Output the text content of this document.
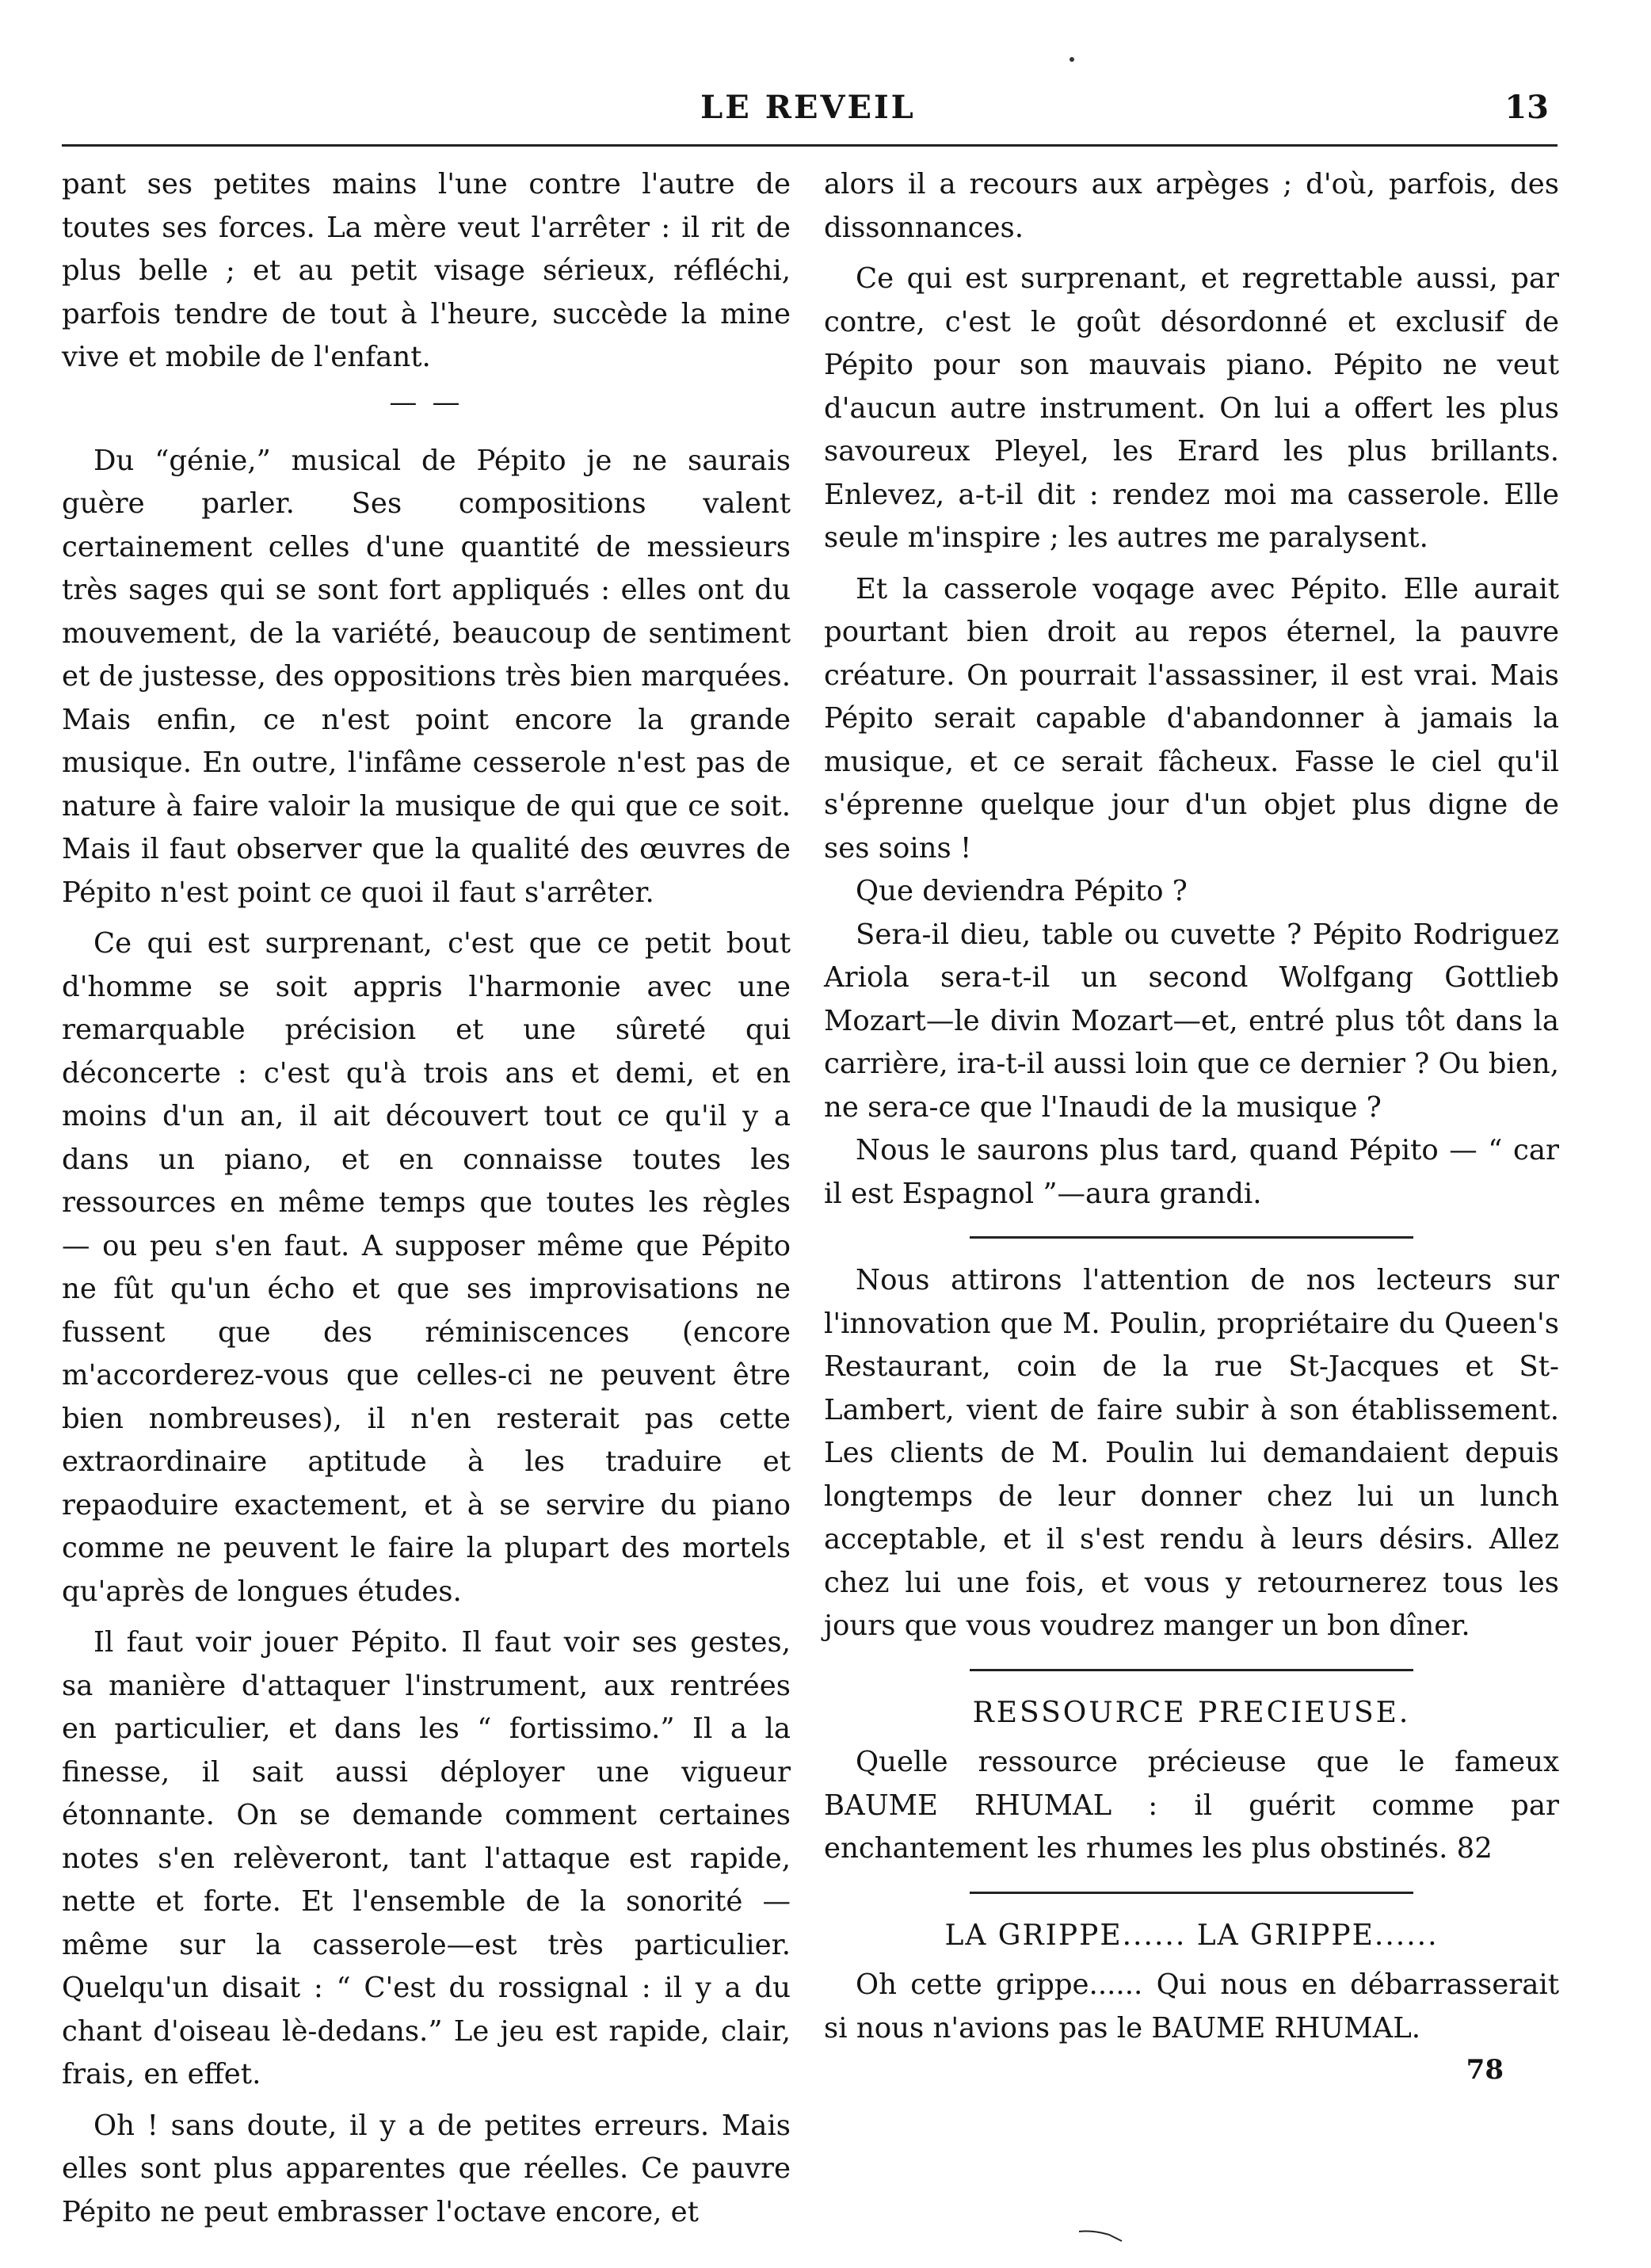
LE REVEIL	13

pant ses petites mains l'une contre l'autre de toutes ses forces. La mère veut l'arrêter : il rit de plus belle ; et au petit visage sérieux, réfléchi, parfois tendre de tout à l'heure, succède la mine vive et mobile de l'enfant.

— —

Du “génie,” musical de Pépito je ne saurais guère parler. Ses compositions valent certainement celles d'une quantité de messieurs très sages qui se sont fort appliqués : elles ont du mouvement, de la variété, beaucoup de sentiment et de justesse, des oppositions très bien marquées. Mais enfin, ce n'est point encore la grande musique. En outre, l'infâme cesserole n'est pas de nature à faire valoir la musique de qui que ce soit. Mais il faut observer que la qualité des œuvres de Pépito n'est point ce quoi il faut s'arrêter.

Ce qui est surprenant, c'est que ce petit bout d'homme se soit appris l'harmonie avec une remarquable précision et une sûreté qui déconcerte : c'est qu'à trois ans et demi, et en moins d'un an, il ait découvert tout ce qu'il y a dans un piano, et en connaisse toutes les ressources en même temps que toutes les règles — ou peu s'en faut. A supposer même que Pépito ne fût qu'un écho et que ses improvisations ne fussent que des réminiscences (encore m'accorderez-vous que celles-ci ne peuvent être bien nombreuses), il n'en resterait pas cette extraordinaire aptitude à les traduire et repaoduire exactement, et à se servire du piano comme ne peuvent le faire la plupart des mortels qu'après de longues études.

Il faut voir jouer Pépito. Il faut voir ses gestes, sa manière d'attaquer l'instrument, aux rentrées en particulier, et dans les “ fortissimo.” Il a la finesse, il sait aussi déployer une vigueur étonnante. On se demande comment certaines notes s'en relèveront, tant l'attaque est rapide, nette et forte. Et l'ensemble de la sonorité — même sur la casserole—est très particulier. Quelqu'un disait : “ C'est du rossignal : il y a du chant d'oiseau lè-dedans.” Le jeu est rapide, clair, frais, en effet.

Oh ! sans doute, il y a de petites erreurs. Mais elles sont plus apparentes que réelles. Ce pauvre Pépito ne peut embrasser l'octave encore, et

alors il a recours aux arpèges ; d'où, parfois, des dissonnances.

Ce qui est surprenant, et regrettable aussi, par contre, c'est le goût désordonné et exclusif de Pépito pour son mauvais piano. Pépito ne veut d'aucun autre instrument. On lui a offert les plus savoureux Pleyel, les Erard les plus brillants. Enlevez, a-t-il dit : rendez moi ma casserole. Elle seule m'inspire ; les autres me paralysent.

Et la casserole voqage avec Pépito. Elle aurait pourtant bien droit au repos éternel, la pauvre créature. On pourrait l'assassiner, il est vrai. Mais Pépito serait capable d'abandonner à jamais la musique, et ce serait fâcheux. Fasse le ciel qu'il s'éprenne quelque jour d'un objet plus digne de ses soins !

Que deviendra Pépito ?

Sera-il dieu, table ou cuvette ? Pépito Rodriguez Ariola sera-t-il un second Wolfgang Gottlieb Mozart—le divin Mozart—et, entré plus tôt dans la carrière, ira-t-il aussi loin que ce dernier ? Ou bien, ne sera-ce que l'Inaudi de la musique ?

Nous le saurons plus tard, quand Pépito — “ car il est Espagnol ”—aura grandi.

Nous attirons l'attention de nos lecteurs sur l'innovation que M. Poulin, propriétaire du Queen's Restaurant, coin de la rue St-Jacques et St-Lambert, vient de faire subir à son établissement. Les clients de M. Poulin lui demandaient depuis longtemps de leur donner chez lui un lunch acceptable, et il s'est rendu à leurs désirs. Allez chez lui une fois, et vous y retournerez tous les jours que vous voudrez manger un bon dîner.

RESSOURCE PRECIEUSE.

Quelle ressource précieuse que le fameux BAUME RHUMAL : il guérit comme par enchantement les rhumes les plus obstinés. 82

LA GRIPPE...... LA GRIPPE......

Oh cette grippe...... Qui nous en débarrasserait si nous n'avions pas le BAUME RHUMAL.

78
